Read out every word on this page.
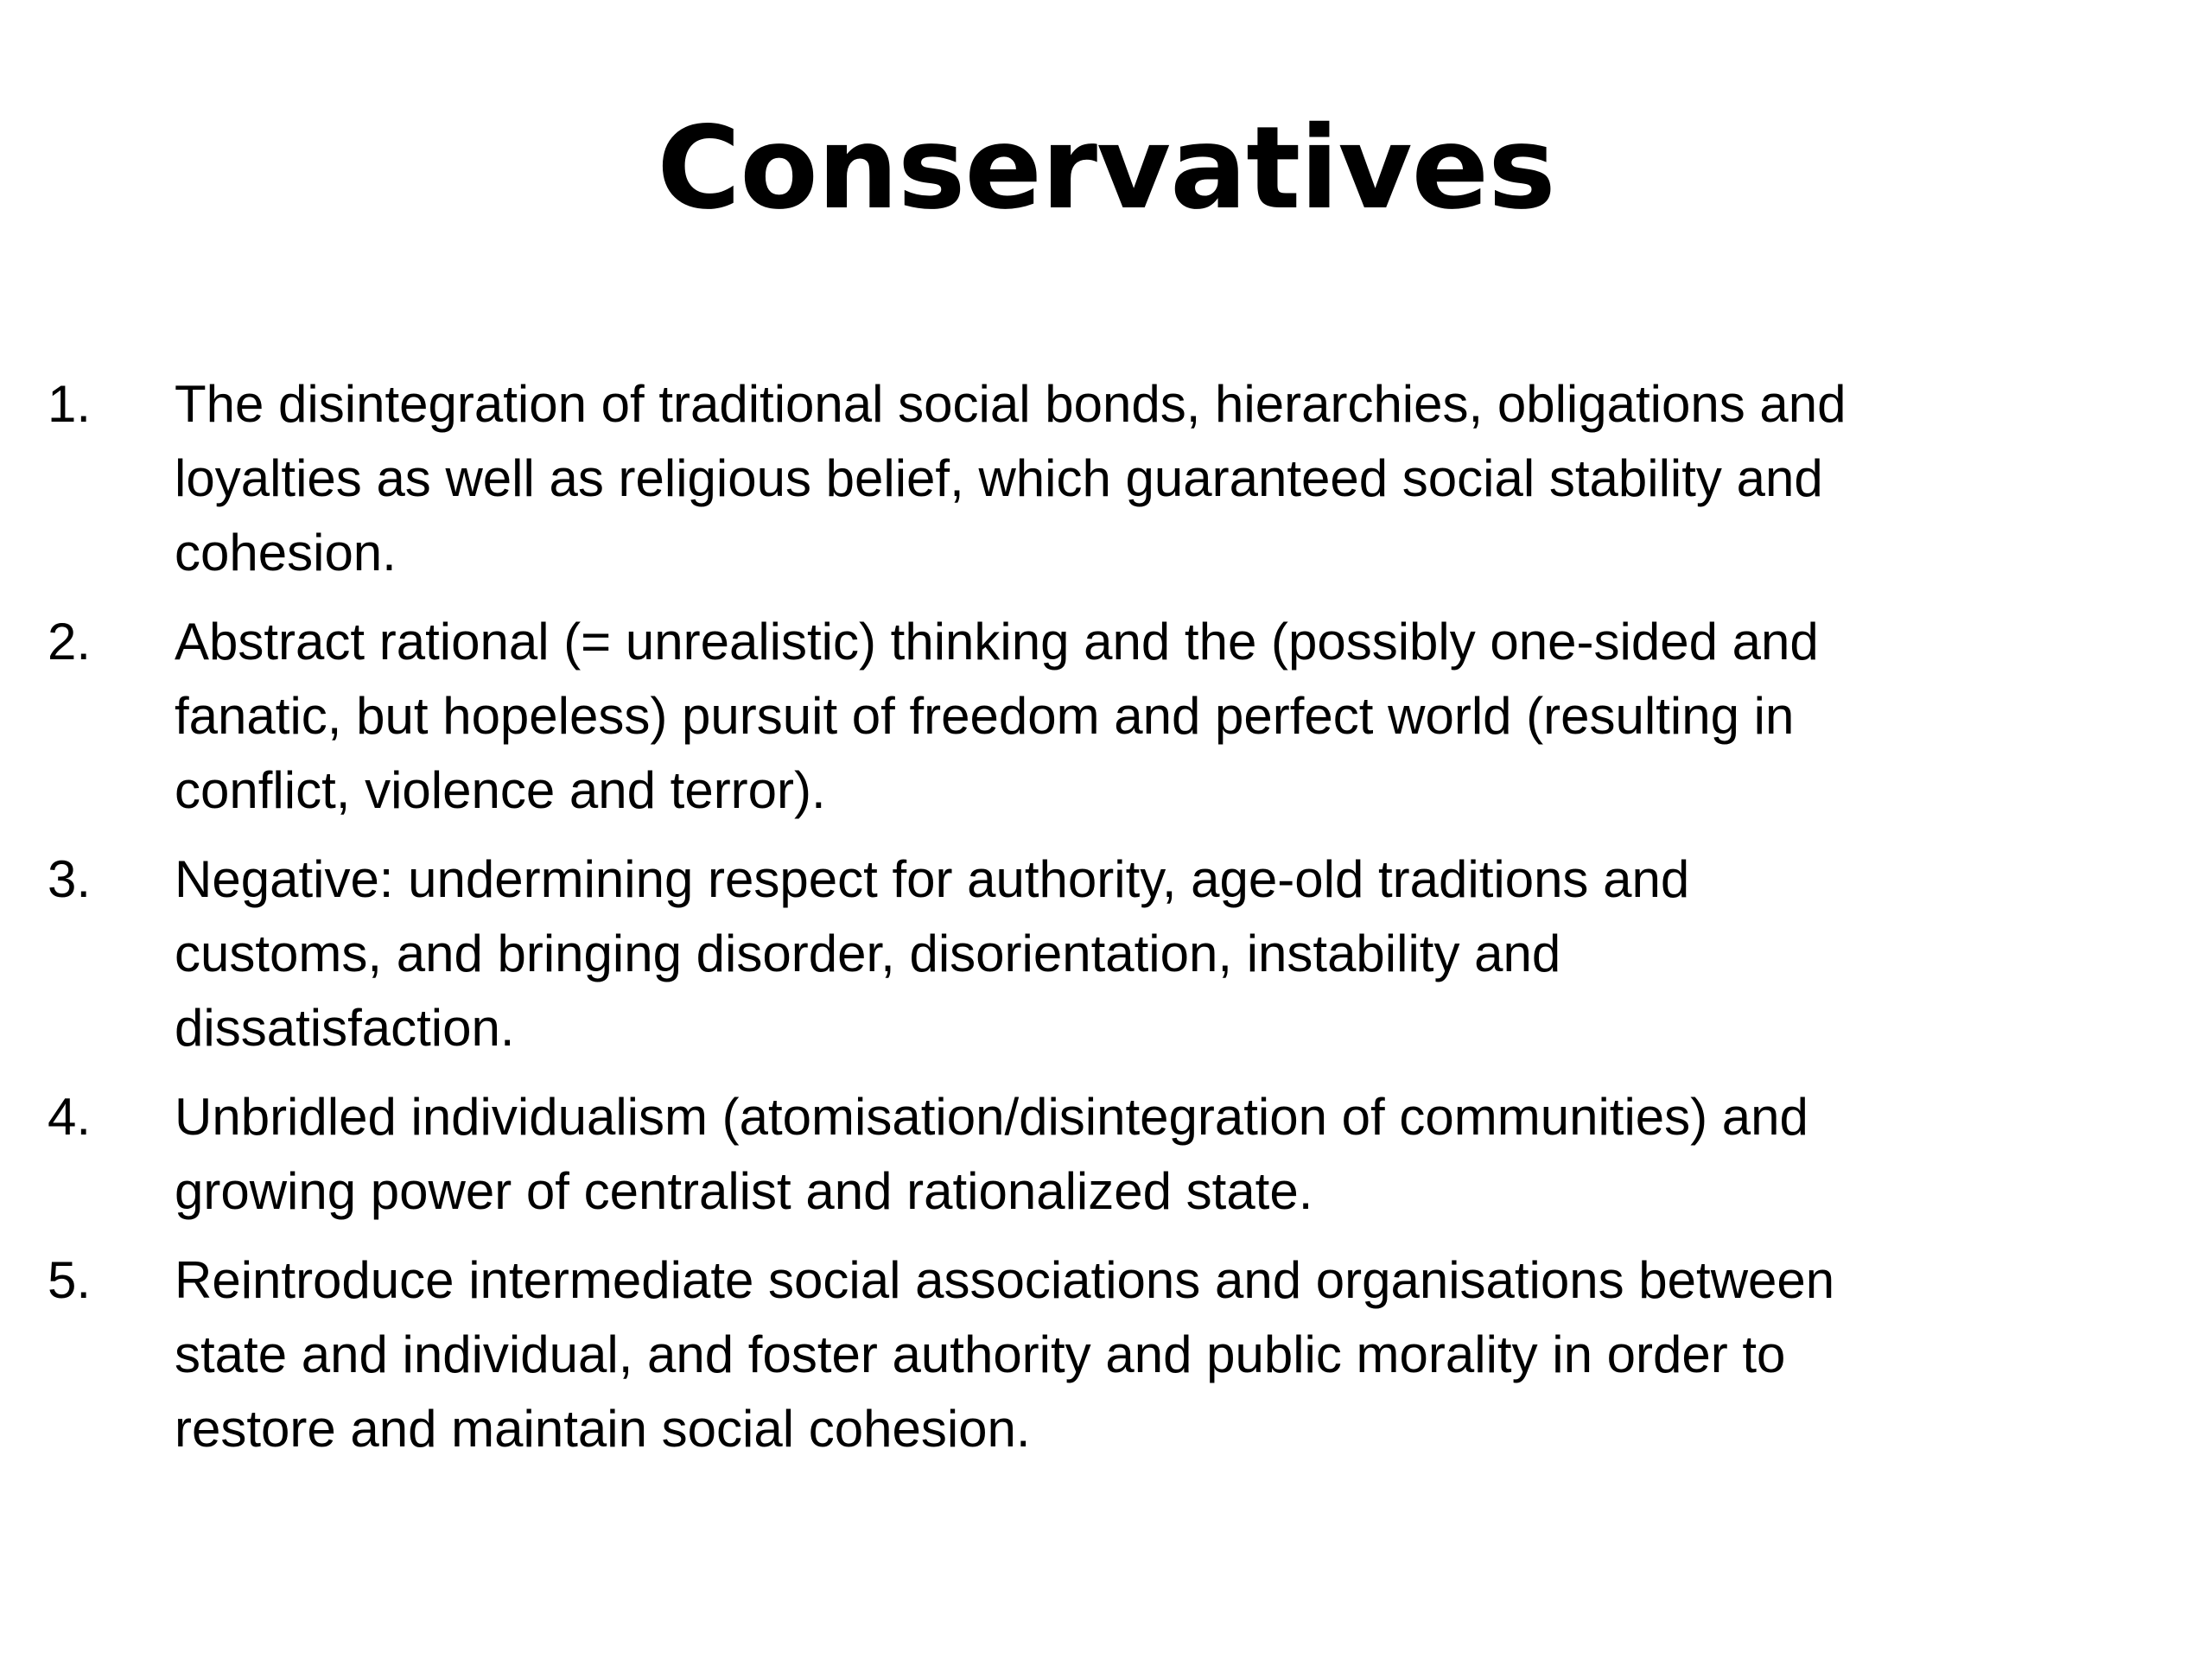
Conservatives
1.	The disintegration of traditional social bonds, hierarchies, obligations and
loyalties as well as religious belief, which guaranteed social stability and
cohesion.
2.	Abstract rational (= unrealistic) thinking and the (possibly one-sided and
fanatic, but hopeless) pursuit of freedom and perfect world (resulting in
conflict, violence and terror).
3.	Negative: undermining respect for authority, age-old traditions and
customs, and bringing disorder, disorientation, instability and
dissatisfaction.
4.	Unbridled individualism (atomisation/disintegration of communities) and
growing power of centralist and rationalized state.
5.	Reintroduce intermediate social associations and organisations between
state and individual, and foster authority and public morality in order to
restore and maintain social cohesion.
